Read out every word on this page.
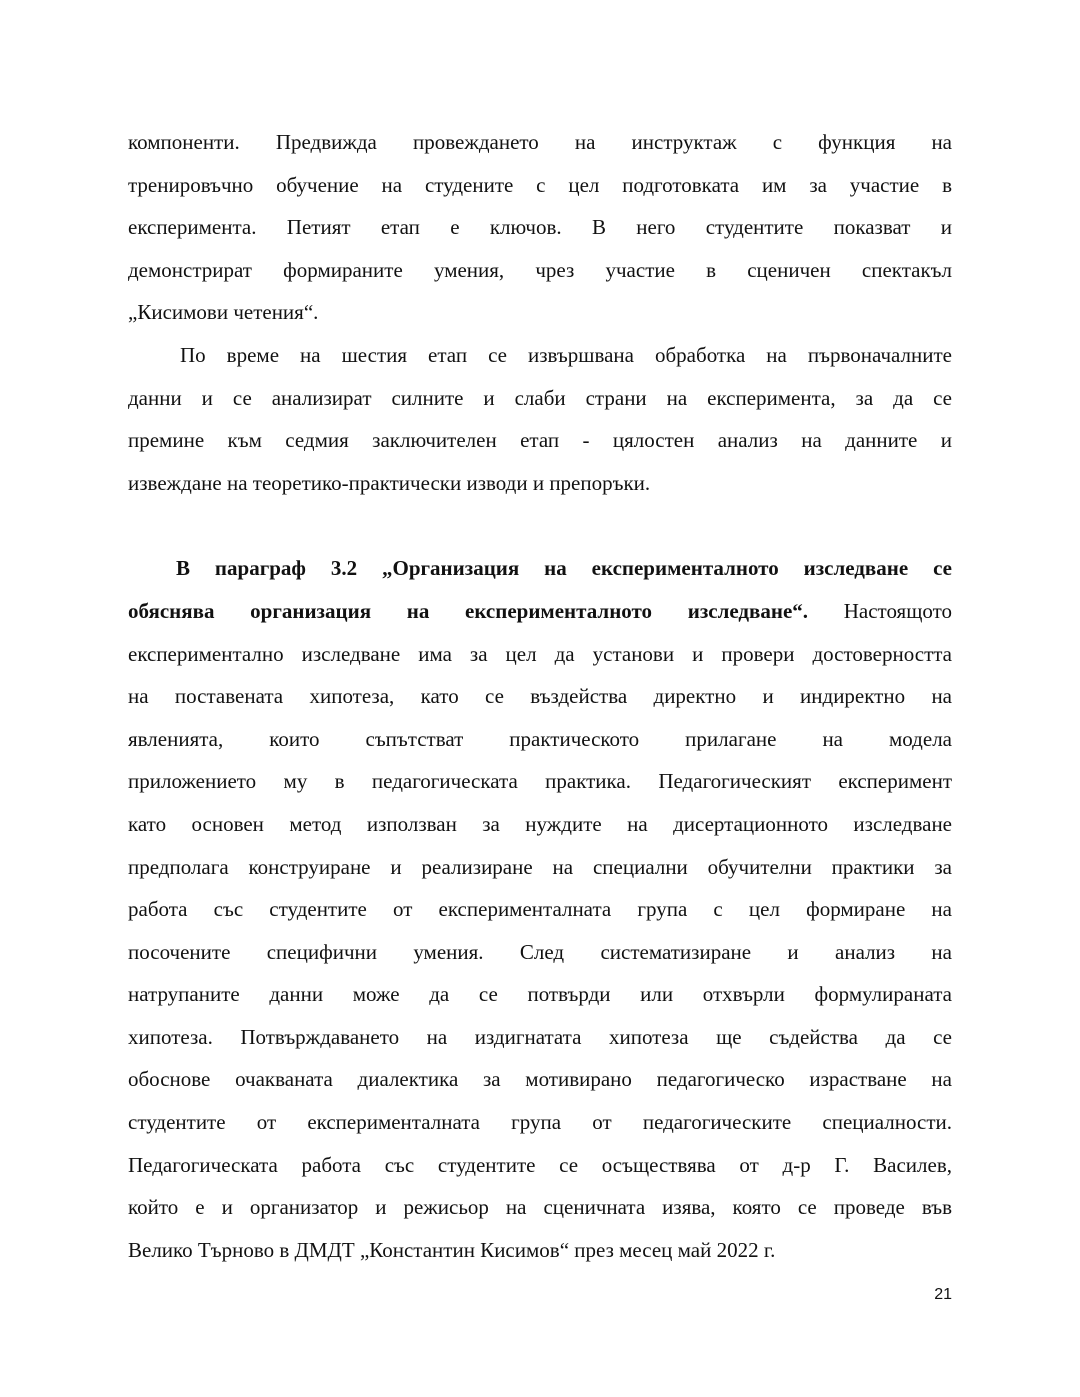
компоненти. Предвижда провеждането на инструктаж с функция на
тренировъчно обучение на студените с цел подготовката им за участие в
експеримента. Петият етап е ключов. В него студентите показват и
демонстрират формираните умения, чрез участие в сценичен спектакъл
„Кисимови четения“.
По време на шестия етап се извършвана обработка на първоначалните
данни и се анализират силните и слаби страни на експеримента, за да се
премине към седмия заключителен етап - цялостен анализ на данните и
извеждане на теоретико-практически изводи и препоръки.
В параграф 3.2 „Организация на експерименталното изследване се
обяснява организация на експерименталното изследване“. Настоящото
експериментално изследване има за цел да установи и провери достоверността
на поставената хипотеза, като се въздейства директно и индиректно на
явленията, които съпътстват практическото прилагане на модела
приложението му в педагогическата практика. Педагогическият експеримент
като основен метод използван за нуждите на дисертационното изследване
предполага конструиране и реализиране на специални обучителни практики за
работа със студентите от експерименталната група с цел формиране на
посочените специфични умения. След систематизиране и анализ на
натрупаните данни може да се потвърди или отхвърли формулираната
хипотеза. Потвърждаването на издигнатата хипотеза ще съдейства да се
обоснове очакваната диалектика за мотивирано педагогическо израстване на
студентите от експерименталната група от педагогическите специалности.
Педагогическата работа със студентите се осъществява от д-р Г. Василев,
който е и организатор и режисьор на сценичната изява, която се проведе във
Велико Търново в ДМДТ „Константин Кисимов“ през месец май 2022 г.
21
